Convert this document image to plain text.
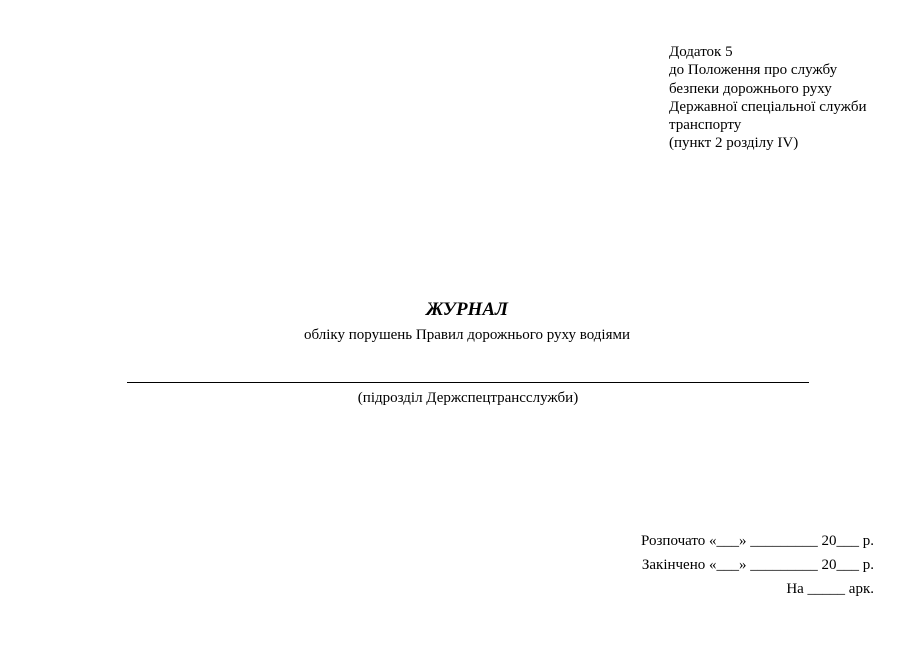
Додаток 5
до Положення про службу
безпеки дорожнього руху
Державної спеціальної служби
транспорту
(пункт 2 розділу IV)
ЖУРНАЛ
обліку порушень Правил дорожнього руху водіями
(підрозділ Держспецтрансслужби)
Розпочато «___» _________ 20___ р.
Закінчено «___» _________ 20___ р.
На _____ арк.
